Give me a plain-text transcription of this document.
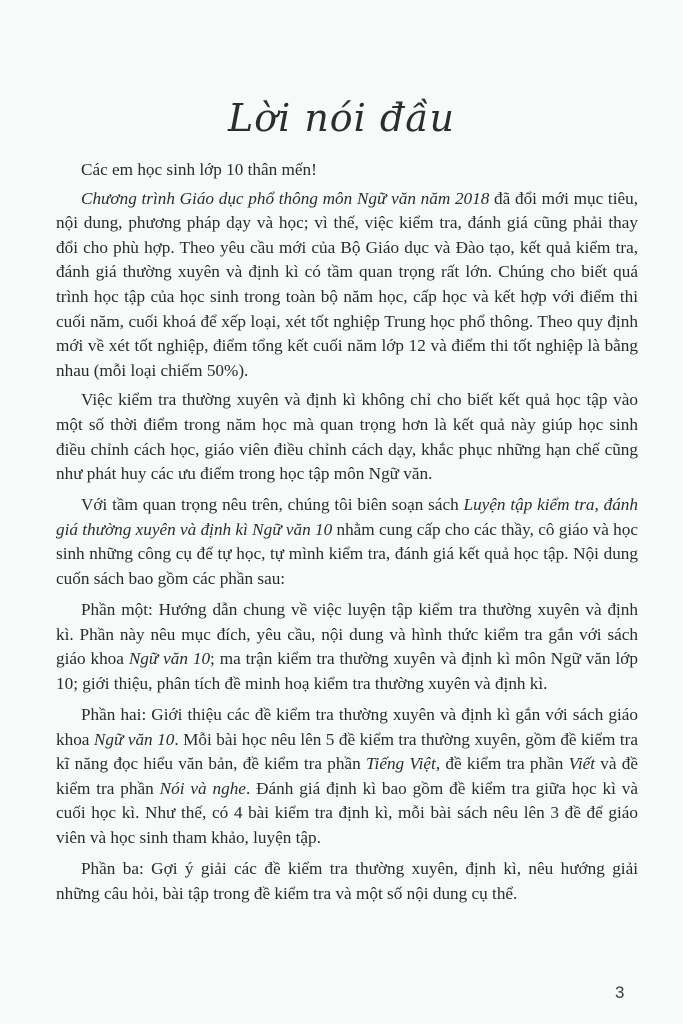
Lời nói đầu

Các em học sinh lớp 10 thân mến!

Chương trình Giáo dục phổ thông môn Ngữ văn năm 2018 đã đổi mới mục tiêu, nội dung, phương pháp dạy và học; vì thế, việc kiểm tra, đánh giá cũng phải thay đổi cho phù hợp. Theo yêu cầu mới của Bộ Giáo dục và Đào tạo, kết quả kiểm tra, đánh giá thường xuyên và định kì có tầm quan trọng rất lớn. Chúng cho biết quá trình học tập của học sinh trong toàn bộ năm học, cấp học và kết hợp với điểm thi cuối năm, cuối khoá để xếp loại, xét tốt nghiệp Trung học phổ thông. Theo quy định mới về xét tốt nghiệp, điểm tổng kết cuối năm lớp 12 và điểm thi tốt nghiệp là bằng nhau (mỗi loại chiếm 50%).

Việc kiểm tra thường xuyên và định kì không chỉ cho biết kết quả học tập vào một số thời điểm trong năm học mà quan trọng hơn là kết quả này giúp học sinh điều chỉnh cách học, giáo viên điều chỉnh cách dạy, khắc phục những hạn chế cũng như phát huy các ưu điểm trong học tập môn Ngữ văn.

Với tầm quan trọng nêu trên, chúng tôi biên soạn sách Luyện tập kiểm tra, đánh giá thường xuyên và định kì Ngữ văn 10 nhằm cung cấp cho các thầy, cô giáo và học sinh những công cụ để tự học, tự mình kiểm tra, đánh giá kết quả học tập. Nội dung cuốn sách bao gồm các phần sau:

Phần một: Hướng dẫn chung về việc luyện tập kiểm tra thường xuyên và định kì. Phần này nêu mục đích, yêu cầu, nội dung và hình thức kiểm tra gắn với sách giáo khoa Ngữ văn 10; ma trận kiểm tra thường xuyên và định kì môn Ngữ văn lớp 10; giới thiệu, phân tích đề minh hoạ kiểm tra thường xuyên và định kì.

Phần hai: Giới thiệu các đề kiểm tra thường xuyên và định kì gắn với sách giáo khoa Ngữ văn 10. Mỗi bài học nêu lên 5 đề kiểm tra thường xuyên, gồm đề kiểm tra kĩ năng đọc hiểu văn bản, đề kiểm tra phần Tiếng Việt, đề kiểm tra phần Viết và đề kiểm tra phần Nói và nghe. Đánh giá định kì bao gồm đề kiểm tra giữa học kì và cuối học kì. Như thế, có 4 bài kiểm tra định kì, mỗi bài sách nêu lên 3 đề để giáo viên và học sinh tham khảo, luyện tập.

Phần ba: Gợi ý giải các đề kiểm tra thường xuyên, định kì, nêu hướng giải những câu hỏi, bài tập trong đề kiểm tra và một số nội dung cụ thể.

3
